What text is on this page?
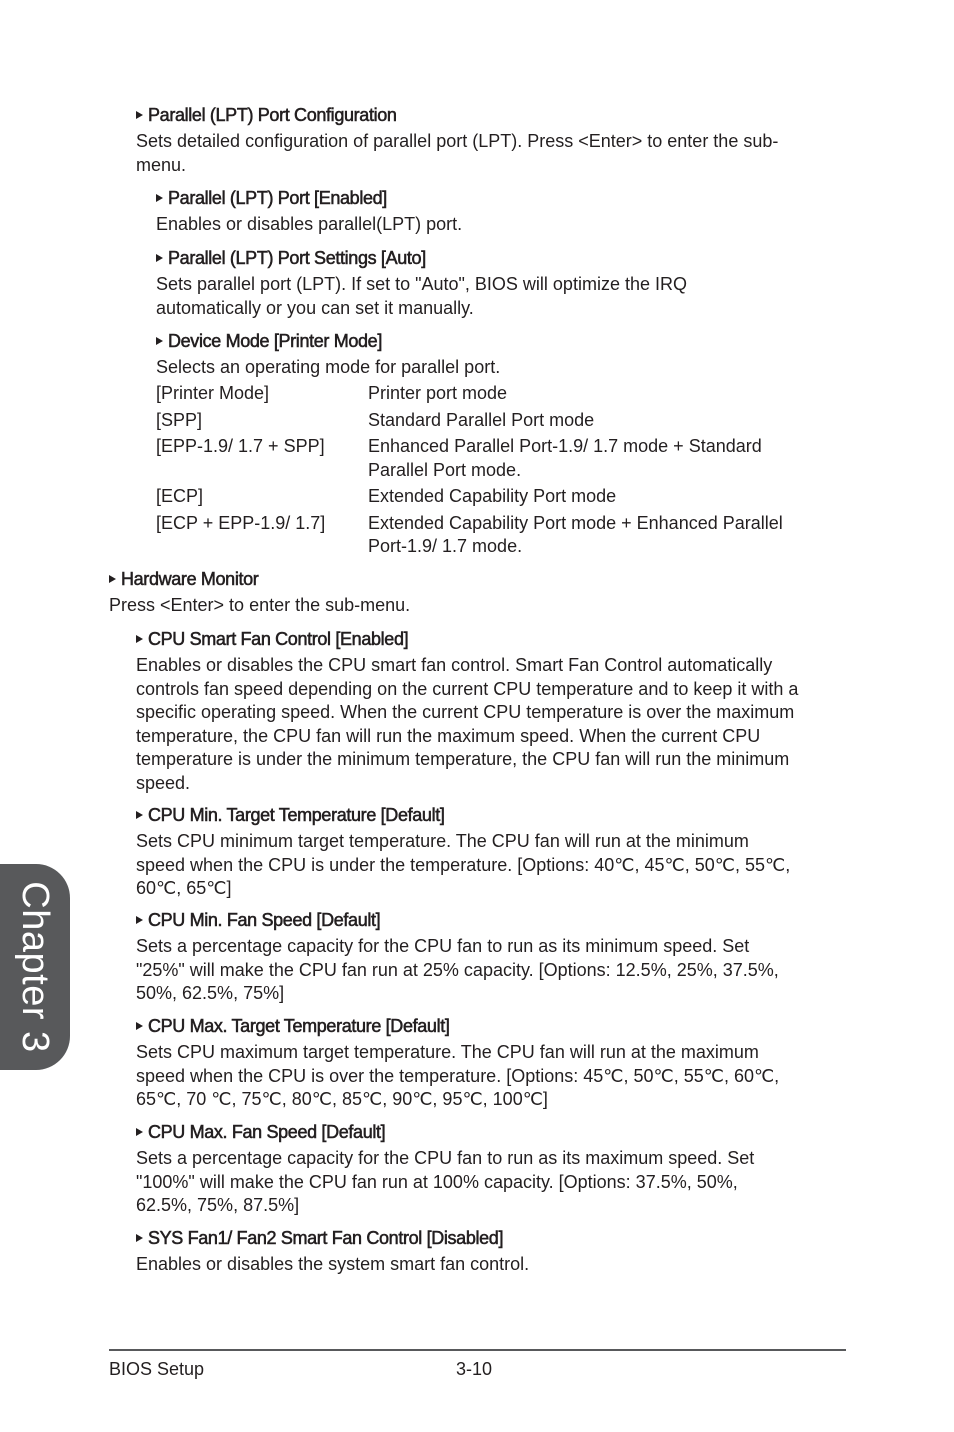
Parallel (LPT) Port Configuration

Sets detailed configuration of parallel port (LPT). Press <Enter> to enter the sub-
menu.

Parallel (LPT) Port [Enabled]

Enables or disables parallel(LPT) port.

Parallel (LPT) Port Settings [Auto]

Sets parallel port (LPT). If set to "Auto", BIOS will optimize the IRQ
automatically or you can set it manually.

Device Mode [Printer Mode]

Selects an operating mode for parallel port.
[Printer Mode]	Printer port mode

[SPP]	Standard Parallel Port mode

[EPP-1.9/ 1.7 + SPP]	Enhanced Parallel Port-1.9/ 1.7 mode + Standard
Parallel Port mode.

[ECP]	Extended Capability Port mode

[ECP + EPP-1.9/ 1.7]	Extended Capability Port mode + Enhanced Parallel
Port-1.9/ 1.7 mode.

Hardware Monitor

Press <Enter> to enter the sub-menu.

CPU Smart Fan Control [Enabled]

Enables or disables the CPU smart fan control. Smart Fan Control automatically
controls fan speed depending on the current CPU temperature and to keep it with a
specific operating speed. When the current CPU temperature is over the maximum
temperature, the CPU fan will run the maximum speed. When the current CPU
temperature is under the minimum temperature, the CPU fan will run the minimum
speed.

CPU Min. Target Temperature [Default]

Sets CPU minimum target temperature. The CPU fan will run at the minimum
speed when the CPU is under the temperature. [Options: 40℃, 45℃, 50℃, 55℃,
60℃, 65℃]

CPU Min. Fan Speed [Default]

Sets a percentage capacity for the CPU fan to run as its minimum speed. Set
"25%" will make the CPU fan run at 25% capacity. [Options: 12.5%, 25%, 37.5%,
50%, 62.5%, 75%]

CPU Max. Target Temperature [Default]

Sets CPU maximum target temperature. The CPU fan will run at the maximum
speed when the CPU is over the temperature. [Options: 45℃, 50℃, 55℃, 60℃,
65℃, 70 ℃, 75℃, 80℃, 85℃, 90℃, 95℃, 100℃]

CPU Max. Fan Speed [Default]

Sets a percentage capacity for the CPU fan to run as its maximum speed. Set
"100%" will make the CPU fan run at 100% capacity. [Options: 37.5%, 50%,
62.5%, 75%, 87.5%]

SYS Fan1/ Fan2 Smart Fan Control [Disabled]

Enables or disables the system smart fan control.
Chapter 3
BIOS Setup	3-10
